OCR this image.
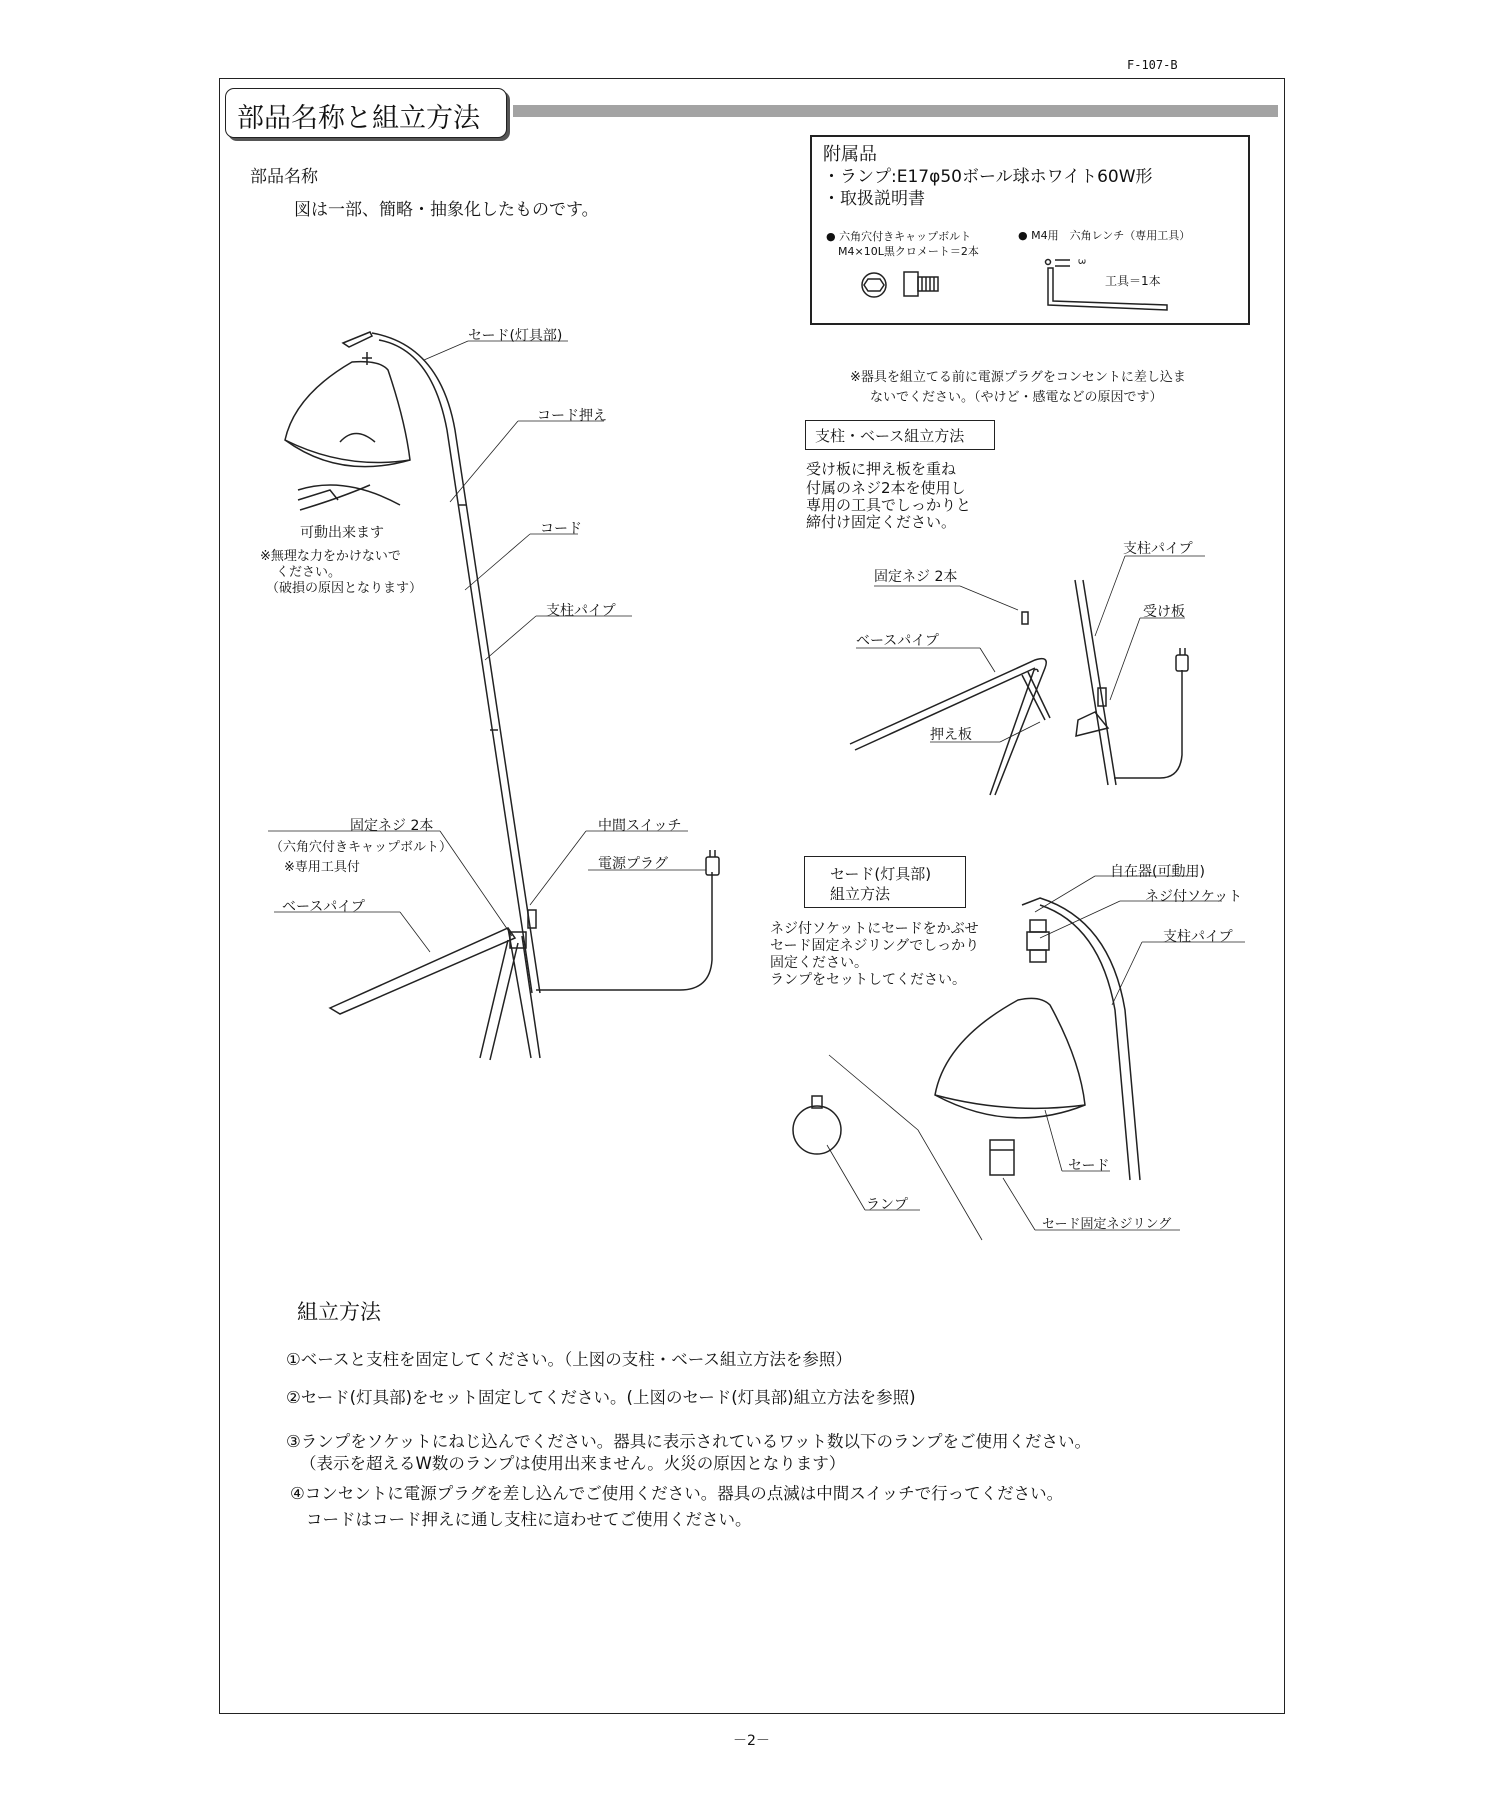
F-107-B
部品名称と組立方法
部品名称
図は一部、簡略・抽象化したものです。
附属品
・ランプ:E17φ50ボール球ホワイト60W形
・取扱説明書
● 六角穴付きキャップボルト
M4×10L黒クロメート＝2本
● M4用　六角レンチ（専用工具）
工具＝1本
3
※器具を組立てる前に電源プラグをコンセントに差し込ま
ないでください。（やけど・感電などの原因です）
セード(灯具部)
コード押え
コード
支柱パイプ
可動出来ます
※無理な力をかけないで
ください。
（破損の原因となります）
固定ネジ 2本
（六角穴付きキャップボルト）
※専用工具付
ベースパイプ
中間スイッチ
電源プラグ
支柱・ベース組立方法
受け板に押え板を重ね
付属のネジ2本を使用し
専用の工具でしっかりと
締付け固定ください。
支柱パイプ
固定ネジ 2本
受け板
ベースパイプ
押え板
セード(灯具部)
組立方法
ネジ付ソケットにセードをかぶせ
セード固定ネジリングでしっかり
固定ください。
ランプをセットしてください。
自在器(可動用)
ネジ付ソケット
支柱パイプ
セード
ランプ
セード固定ネジリング
組立方法
①ベースと支柱を固定してください。（上図の支柱・ベース組立方法を参照）
②セード(灯具部)をセット固定してください。(上図のセード(灯具部)組立方法を参照)
③ランプをソケットにねじ込んでください。器具に表示されているワット数以下のランプをご使用ください。
（表示を超えるW数のランプは使用出来ません。火災の原因となります）
④コンセントに電源プラグを差し込んでご使用ください。器具の点滅は中間スイッチで行ってください。
コードはコード押えに通し支柱に這わせてご使用ください。
－2－
